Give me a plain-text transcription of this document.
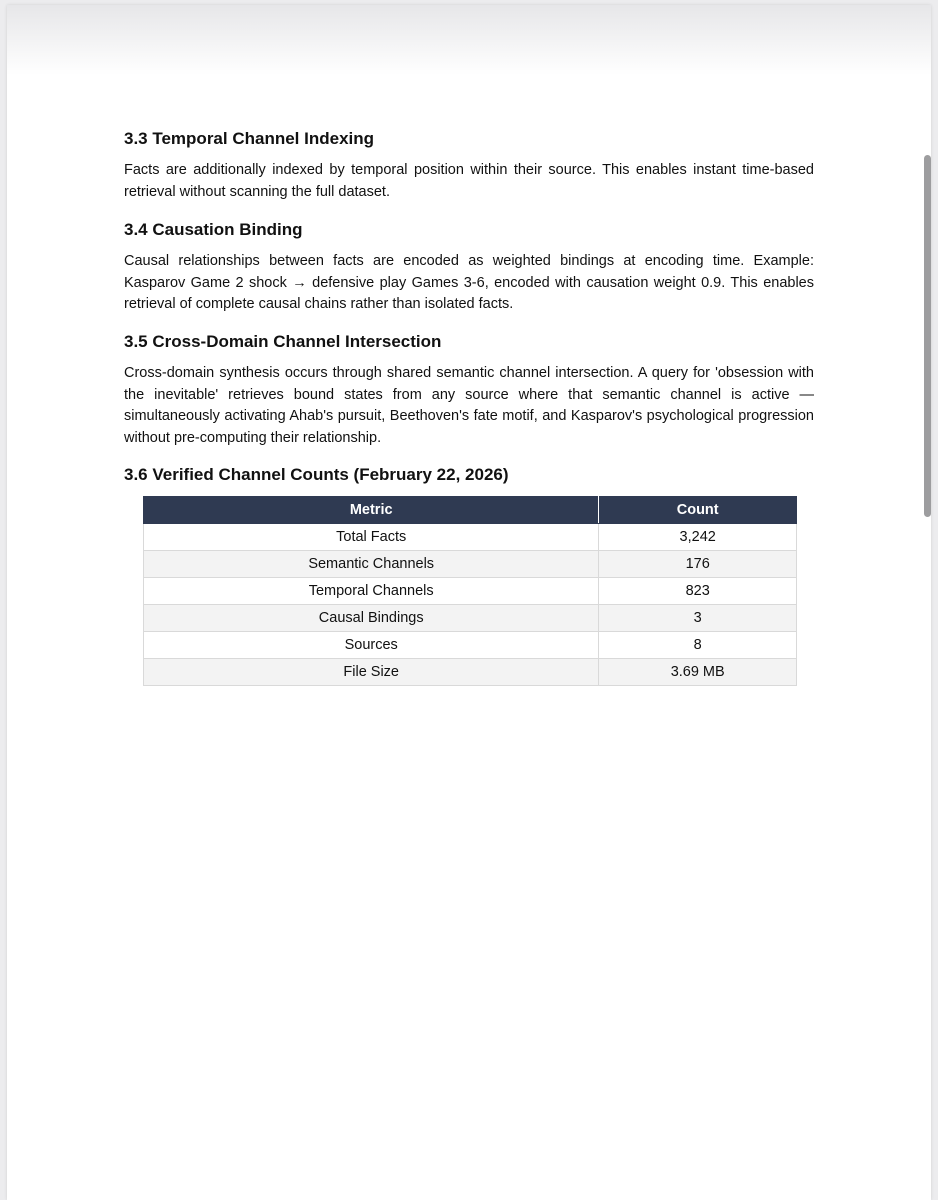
3.3 Temporal Channel Indexing

Facts are additionally indexed by temporal position within their source. This enables instant time-based retrieval without scanning the full dataset.

3.4 Causation Binding

Causal relationships between facts are encoded as weighted bindings at encoding time. Example: Kasparov Game 2 shock → defensive play Games 3-6, encoded with causation weight 0.9. This enables retrieval of complete causal chains rather than isolated facts.

3.5 Cross-Domain Channel Intersection

Cross-domain synthesis occurs through shared semantic channel intersection. A query for 'obsession with the inevitable' retrieves bound states from any source where that semantic channel is active — simultaneously activating Ahab's pursuit, Beethoven's fate motif, and Kasparov's psychological progression without pre-computing their relationship.

3.6 Verified Channel Counts (February 22, 2026)
Metric	Count
Total Facts	3,242
Semantic Channels	176
Temporal Channels	823
Causal Bindings	3
Sources	8
File Size	3.69 MB
